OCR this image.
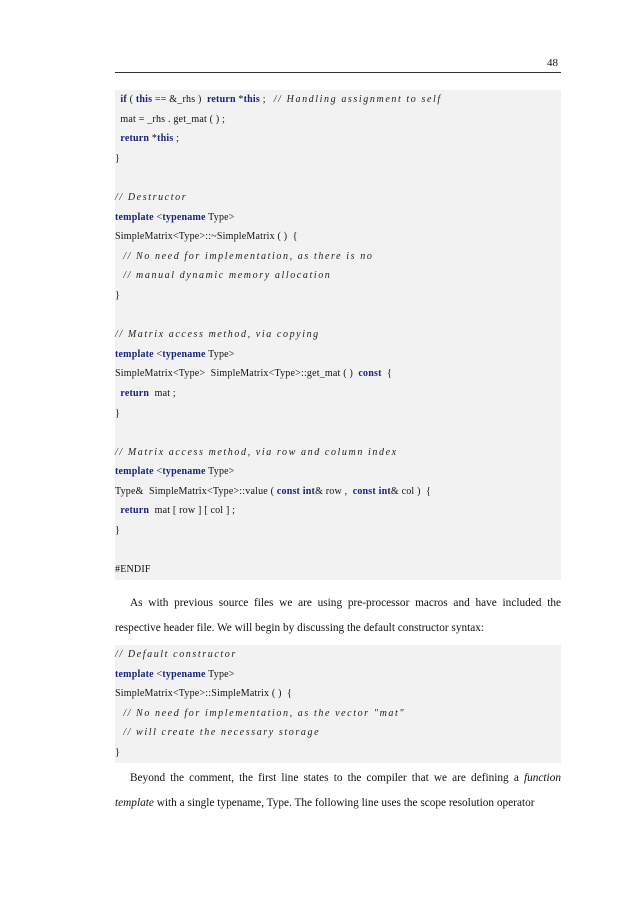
48
if ( this == &_rhs )  return *this ;   // Handling assignment to self
mat = _rhs . get_mat ( ) ;
return *this ;
}
// Destructor
template <typename Type>
SimpleMatrix<Type>::~SimpleMatrix ( )  {
// No need for implementation, as there is no
// manual dynamic memory allocation
}
// Matrix access method, via copying
template <typename Type>
SimpleMatrix<Type>  SimpleMatrix<Type>::get_mat ( )  const  {
return  mat ;
}
// Matrix access method, via row and column index
template <typename Type>
Type&  SimpleMatrix<Type>::value ( const int& row ,  const int& col )  {
return  mat [ row ] [ col ] ;
}
#ENDIF

As with previous source files we are using pre-processor macros and have included the respective header file. We will begin by discussing the default constructor syntax:

// Default constructor
template <typename Type>
SimpleMatrix<Type>::SimpleMatrix ( )  {
// No need for implementation, as the vector "mat"
// will create the necessary storage
}

Beyond the comment, the first line states to the compiler that we are defining a function template with a single typename, Type. The following line uses the scope resolution operator
